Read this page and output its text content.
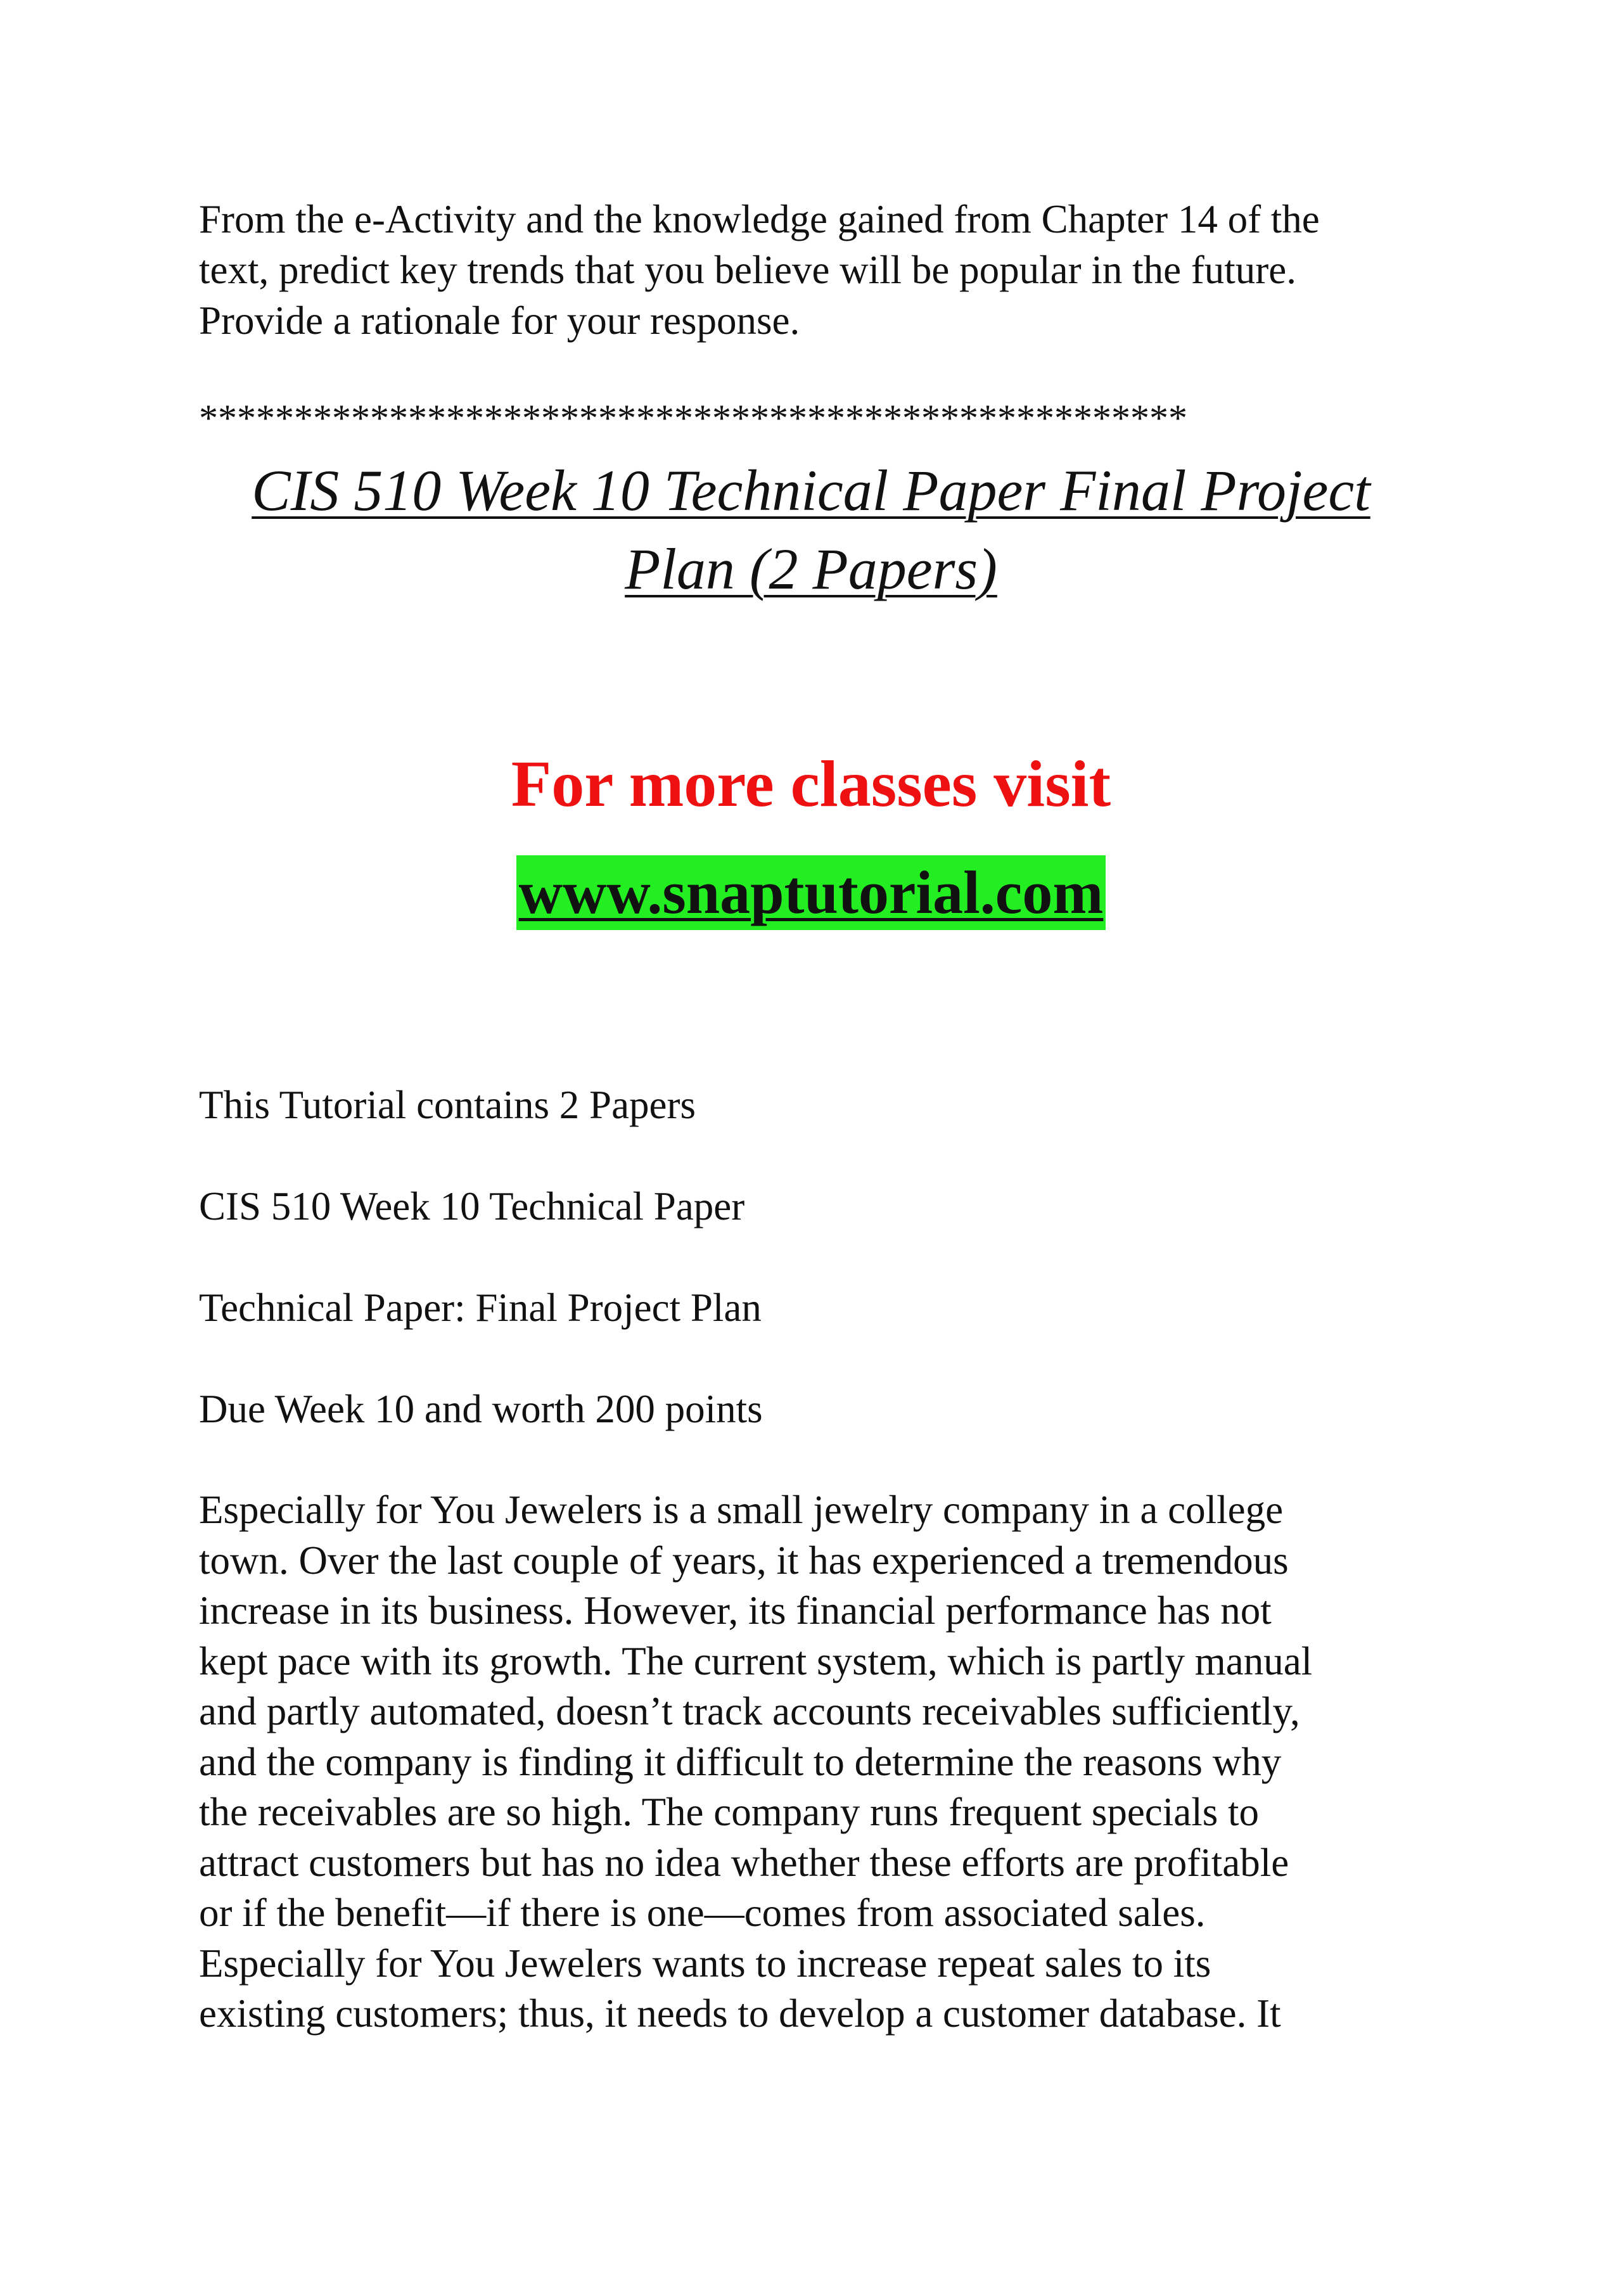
From the e-Activity and the knowledge gained from Chapter 14 of the
text, predict key trends that you believe will be popular in the future.
Provide a rationale for your response.

****************************************************
CIS 510 Week 10 Technical Paper Final Project
Plan (2 Papers)
For more classes visit
www.snaptutorial.com
This Tutorial contains 2 Papers
CIS 510 Week 10 Technical Paper
Technical Paper: Final Project Plan
Due Week 10 and worth 200 points

Especially for You Jewelers is a small jewelry company in a college
town. Over the last couple of years, it has experienced a tremendous
increase in its business. However, its financial performance has not
kept pace with its growth. The current system, which is partly manual
and partly automated, doesn’t track accounts receivables sufficiently,
and the company is finding it difficult to determine the reasons why
the receivables are so high. The company runs frequent specials to
attract customers but has no idea whether these efforts are profitable
or if the benefit—if there is one—comes from associated sales.
Especially for You Jewelers wants to increase repeat sales to its
existing customers; thus, it needs to develop a customer database. It
